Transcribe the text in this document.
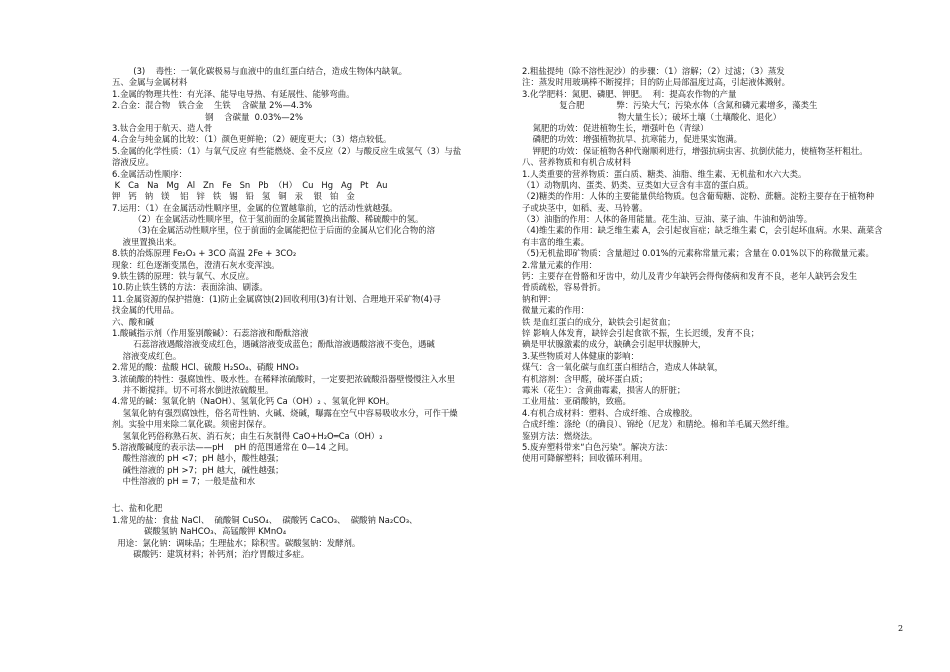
(3)    毒性：一氧化碳极易与血液中的血红蛋白结合，造成生物体内缺氧。
五、金属与金属材料
1.金属的物理共性：有光泽、能导电导热、有延展性、能够弯曲。
2.合金：混合物   铁合金    生铁    含碳量 2%—4.3%
钢    含碳量  0.03%—2%
3.钛合金用于航天、造人骨
4.合金与纯金属的比较：（1）颜色更鲜艳；（2）硬度更大；（3）熔点较低。
5.金属的化学性质：（1）与氧气反应 有些能燃烧、金不反应（2）与酸反应生成氢气（3）与盐
溶液反应。
6.金属活动性顺序：
K   Ca   Na   Mg   Al   Zn   Fe   Sn   Pb  （H）  Cu   Hg   Ag   Pt   Au
钾   钙   钠   镁    铝   锌   铁   锡   铅   氢   铜   汞    银   铂   金
7.运用：（1）在金属活动性顺序里，金属的位置越靠前，它的活动性就越强。
（2）在金属活动性顺序里，位于氢前面的金属能置换出盐酸、稀硫酸中的氢。
（3)在金属活动性顺序里，位于前面的金属能把位于后面的金属从它们化合物的溶
液里置换出来。
8.铁的冶炼原理 Fe₂O₃ + 3CO 高温 2Fe + 3CO₂
现象：红色逐渐变黑色，澄清石灰水变浑浊。
9.铁生锈的原理：铁与氧气、水反应。
10.防止铁生锈的方法：表面涂油、刷漆。
11.金属资源的保护措施：(1)防止金属腐蚀(2)回收利用(3)有计划、合理地开采矿物(4)寻
找金属的代用品。
六、酸和碱
1.酸碱指示剂（作用鉴别酸碱）：石蕊溶液和酚酞溶液
石蕊溶液遇酸溶液变成红色，遇碱溶液变成蓝色；酚酞溶液遇酸溶液不变色，遇碱
溶液变成红色。
2.常见的酸：盐酸 HCl、硫酸 H₂SO₄、硝酸 HNO₃
3.浓硫酸的特性：强腐蚀性、吸水性。在稀释浓硫酸时，一定要把浓硫酸沿器壁慢慢注入水里
并不断搅拌。切不可将水倒进浓硫酸里。
4.常见的碱：氢氧化钠（NaOH）、氢氧化钙 Ca（OH）₂ 、氢氧化钾 KOH。
氢氧化钠有强烈腐蚀性，俗名苛性钠、火碱、烧碱，曝露在空气中容易吸收水分，可作干燥
剂。实验中用来除二氧化碳。须密封保存。
氢氧化钙俗称熟石灰、消石灰；由生石灰制得 CaO+H₂O═Ca（OH）₂
5.溶液酸碱度的表示法——pH    pH 的范围通常在 0—14 之间。
酸性溶液的 pH <7；pH 越小，酸性越强；
碱性溶液的 pH >7；pH 越大，碱性越强；
中性溶液的 pH = 7；一般是盐和水
七、盐和化肥
1.常见的盐：食盐 NaCl、  硫酸铜 CuSO₄、  碳酸钙 CaCO₃、  碳酸钠 Na₂CO₃、
碳酸氢钠 NaHCO₃、高锰酸钾 KMnO₄
用途：氯化钠：调味品；生理盐水；除积雪。碳酸氢钠：发酵剂。
碳酸钙：建筑材料；补钙剂；治疗胃酸过多症。
2.粗盐提纯（除不溶性泥沙）的步骤：（1）溶解；（2）过滤；（3）蒸发
注：蒸发时用玻璃棒不断搅拌；目的防止局部温度过高，引起液体溅射。
3.化学肥料：氮肥、磷肥、钾肥。  利：提高农作物的产量
复合肥            弊：污染大气；污染水体（含氮和磷元素增多，藻类生
物大量生长）；破坏土壤（土壤酸化、退化）
氮肥的功效：促进植物生长，增强叶色（青绿）
磷肥的功效：增强植物抗旱、抗寒能力，促进果实饱满。
钾肥的功效：保证植物各种代谢顺利进行，增强抗病虫害、抗倒伏能力，使植物茎杆粗壮。
八、营养物质和有机合成材料
1.人类重要的营养物质：蛋白质、糖类、油脂、维生素、无机盐和水六大类。
（1）动物肌肉、蛋类、奶类、豆类如大豆含有丰富的蛋白质。
（2)糖类的作用：人体的主要能量供给物质。包含葡萄糖、淀粉、蔗糖。淀粉主要存在于植物种
子或块茎中，如稻、麦、马铃薯。
（3）油脂的作用：人体的备用能量。花生油、豆油、菜子油、牛油和奶油等。
（4)维生素的作用：缺乏维生素 A，会引起夜盲症；缺乏维生素 C，会引起坏血病。水果、蔬菜含
有丰富的维生素。
（5)无机盐即矿物质：含量超过 0.01%的元素称常量元素；含量在 0.01%以下的称微量元素。
2.常量元素的作用：
钙：主要存在骨骼和牙齿中，幼儿及青少年缺钙会得佝偻病和发育不良，老年人缺钙会发生
骨质疏松，容易骨折。
钠和钾：
微量元素的作用：
铁 是血红蛋白的成分，缺铁会引起贫血；
锌 影响人体发育，缺锌会引起食欲不振，生长迟缓，发育不良；
碘是甲状腺激素的成分，缺碘会引起甲状腺肿大，
3.某些物质对人体健康的影响：
煤气：含一氧化碳与血红蛋白相结合，造成人体缺氧，
有机溶剂：含甲醛，破坏蛋白质；
霉米（花生）：含黄曲霉素，损害人的肝脏；
工业用盐：亚硝酸钠，致癌。
4.有机合成材料：塑料、合成纤维、合成橡胶。
合成纤维：涤纶（的确良）、锦纶（尼龙）和腈纶。棉和羊毛属天然纤维。
鉴别方法：燃烧法。
5.废弃塑料带来“白色污染”。解决方法：
使用可降解塑料；回收循环利用。
2
